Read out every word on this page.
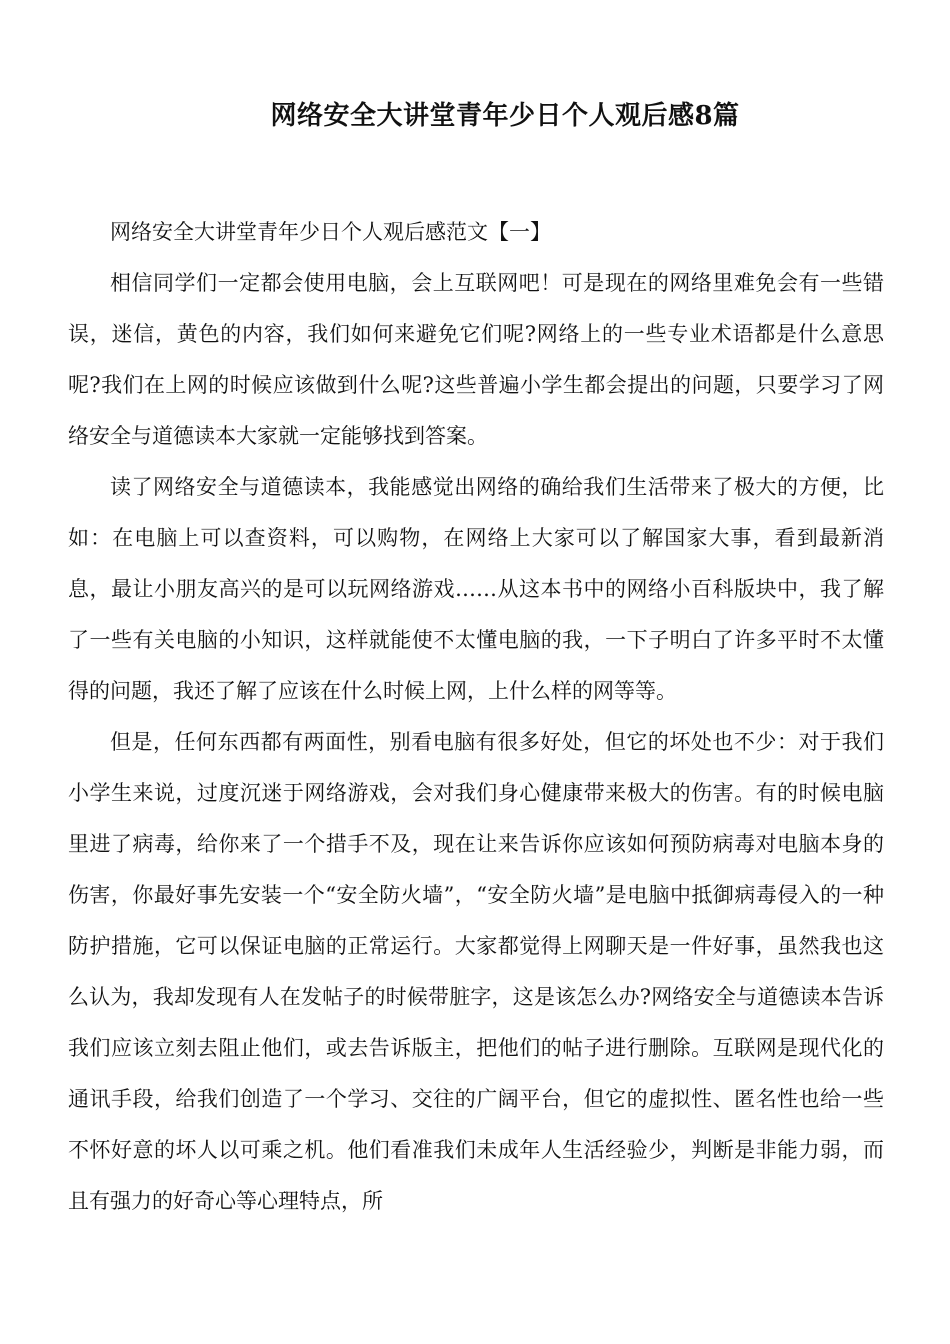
网络安全大讲堂青年少日个人观后感8篇

网络安全大讲堂青年少日个人观后感范文【一】

相信同学们一定都会使用电脑，会上互联网吧！可是现在的网络里难免会有一些错误，迷信，黄色的内容，我们如何来避免它们呢?网络上的一些专业术语都是什么意思呢?我们在上网的时候应该做到什么呢?这些普遍小学生都会提出的问题，只要学习了网络安全与道德读本大家就一定能够找到答案。

读了网络安全与道德读本，我能感觉出网络的确给我们生活带来了极大的方便，比如：在电脑上可以查资料，可以购物，在网络上大家可以了解国家大事，看到最新消息，最让小朋友高兴的是可以玩网络游戏……从这本书中的网络小百科版块中，我了解了一些有关电脑的小知识，这样就能使不太懂电脑的我，一下子明白了许多平时不太懂得的问题，我还了解了应该在什么时候上网，上什么样的网等等。

但是，任何东西都有两面性，别看电脑有很多好处，但它的坏处也不少：对于我们小学生来说，过度沉迷于网络游戏，会对我们身心健康带来极大的伤害。有的时候电脑里进了病毒，给你来了一个措手不及，现在让来告诉你应该如何预防病毒对电脑本身的伤害，你最好事先安装一个“安全防火墙”，“安全防火墙”是电脑中抵御病毒侵入的一种防护措施，它可以保证电脑的正常运行。大家都觉得上网聊天是一件好事，虽然我也这么认为，我却发现有人在发帖子的时候带脏字，这是该怎么办?网络安全与道德读本告诉我们应该立刻去阻止他们，或去告诉版主，把他们的帖子进行删除。互联网是现代化的通讯手段，给我们创造了一个学习、交往的广阔平台，但它的虚拟性、匿名性也给一些不怀好意的坏人以可乘之机。他们看准我们未成年人生活经验少，判断是非能力弱，而且有强力的好奇心等心理特点，所
